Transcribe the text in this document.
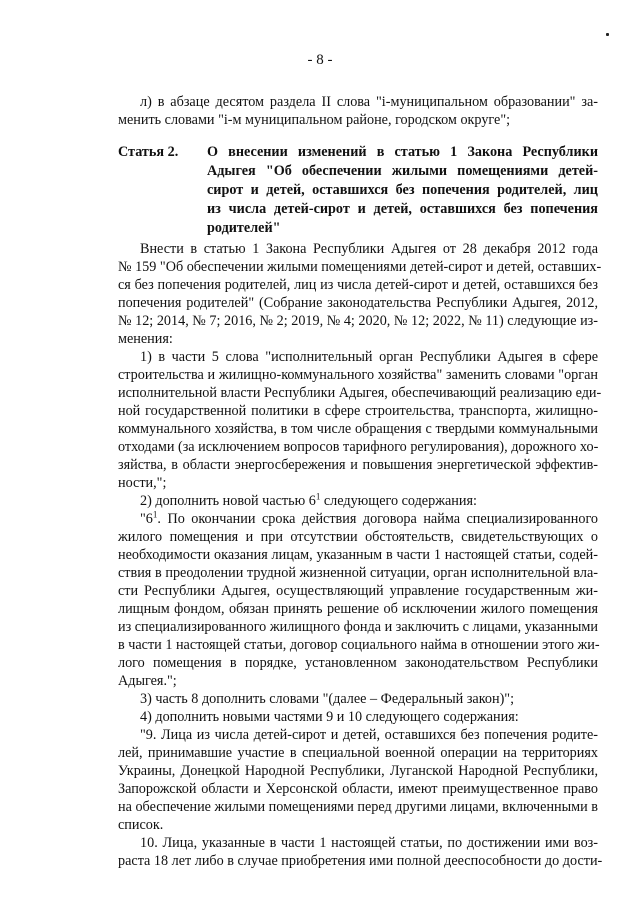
- 8 -
л) в абзаце десятом раздела II слова "i-муниципальном образовании" за-
менить словами "i-м муниципальном районе, городском округе";
Статья 2. О внесении изменений в статью 1 Закона Республики
Адыгея "Об обеспечении жилыми помещениями детей-
сирот и детей, оставшихся без попечения родителей, лиц
из числа детей-сирот и детей, оставшихся без попечения
родителей"
Внести в статью 1 Закона Республики Адыгея от 28 декабря 2012 года
№ 159 "Об обеспечении жилыми помещениями детей-сирот и детей, оставших-
ся без попечения родителей, лиц из числа детей-сирот и детей, оставшихся без
попечения родителей" (Собрание законодательства Республики Адыгея, 2012,
№ 12; 2014, № 7; 2016, № 2; 2019, № 4; 2020, № 12; 2022, № 11) следующие из-
менения:
1) в части 5 слова "исполнительный орган Республики Адыгея в сфере
строительства и жилищно-коммунального хозяйства" заменить словами "орган
исполнительной власти Республики Адыгея, обеспечивающий реализацию еди-
ной государственной политики в сфере строительства, транспорта, жилищно-
коммунального хозяйства, в том числе обращения с твердыми коммунальными
отходами (за исключением вопросов тарифного регулирования), дорожного хо-
зяйства, в области энергосбережения и повышения энергетической эффектив-
ности,";
2) дополнить новой частью $6^1$ следующего содержания:
"$6^1$. По окончании срока действия договора найма специализированного
жилого помещения и при отсутствии обстоятельств, свидетельствующих о
необходимости оказания лицам, указанным в части 1 настоящей статьи, содей-
ствия в преодолении трудной жизненной ситуации, орган исполнительной вла-
сти Республики Адыгея, осуществляющий управление государственным жи-
лищным фондом, обязан принять решение об исключении жилого помещения
из специализированного жилищного фонда и заключить с лицами, указанными
в части 1 настоящей статьи, договор социального найма в отношении этого жи-
лого помещения в порядке, установленном законодательством Республики
Адыгея.";
3) часть 8 дополнить словами "(далее – Федеральный закон)";
4) дополнить новыми частями 9 и 10 следующего содержания:
"9. Лица из числа детей-сирот и детей, оставшихся без попечения родите-
лей, принимавшие участие в специальной военной операции на территориях
Украины, Донецкой Народной Республики, Луганской Народной Республики,
Запорожской области и Херсонской области, имеют преимущественное право
на обеспечение жилыми помещениями перед другими лицами, включенными в
список.
10. Лица, указанные в части 1 настоящей статьи, по достижении ими воз-
раста 18 лет либо в случае приобретения ими полной дееспособности до дости-
